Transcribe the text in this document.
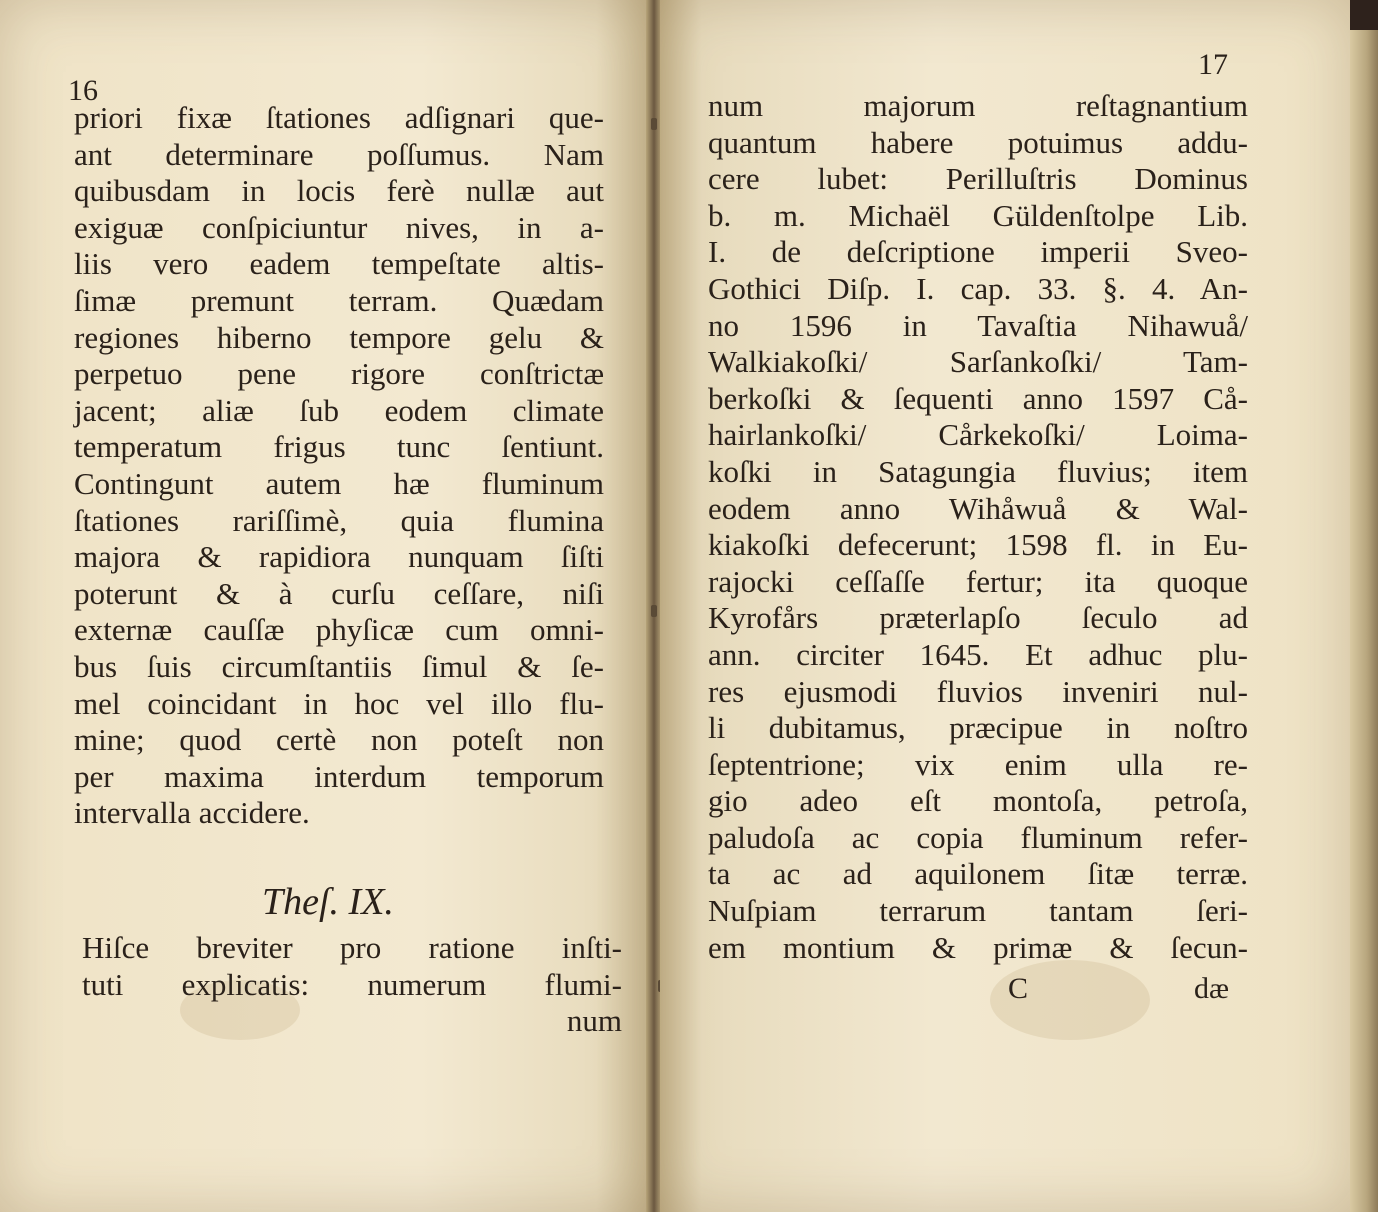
16
priori fixæ ſtationes adſignari que-
ant determinare poſſumus. Nam
quibusdam in locis ferè nullæ aut
exiguæ conſpiciuntur nives, in a-
liis vero eadem tempeſtate altis-
ſimæ premunt terram. Quædam
regiones hiberno tempore gelu &
perpetuo pene rigore conſtrictæ
jacent; aliæ ſub eodem climate
temperatum frigus tunc ſentiunt.
Contingunt autem hæ fluminum
ſtationes rariſſimè, quia flumina
majora & rapidiora nunquam ſiſti
poterunt & à curſu ceſſare, niſi
externæ cauſſæ phyſicæ cum omni-
bus ſuis circumſtantiis ſimul & ſe-
mel coincidant in hoc vel illo flu-
mine; quod certè non poteſt non
per maxima interdum temporum
intervalla accidere.
Theſ. IX.
Hiſce breviter pro ratione inſti-
tuti explicatis: numerum flumi-
num
17
num majorum reſtagnantium
quantum habere potuimus addu-
cere lubet: Perilluſtris Dominus
b. m. Michaël Güldenſtolpe Lib.
I. de deſcriptione imperii Sveo-
Gothici Diſp. I. cap. 33. §. 4. An-
no 1596 in Tavaſtia Nihawuå/
Walkiakoſki/ Sarſankoſki/ Tam-
berkoſki & ſequenti anno 1597 Cå-
hairlankoſki/ Cårkekoſki/ Loima-
koſki in Satagungia fluvius; item
eodem anno Wihåwuå & Wal-
kiakoſki defecerunt; 1598 fl. in Eu-
rajocki ceſſaſſe fertur; ita quoque
Kyrofårs præterlapſo ſeculo ad
ann. circiter 1645. Et adhuc plu-
res ejusmodi fluvios inveniri nul-
li dubitamus, præcipue in noſtro
ſeptentrione; vix enim ulla re-
gio adeo eſt montoſa, petroſa,
paludoſa ac copia fluminum refer-
ta ac ad aquilonem ſitæ terræ.
Nuſpiam terrarum tantam ſeri-
em montium & primæ & ſecun-
C	dæ
